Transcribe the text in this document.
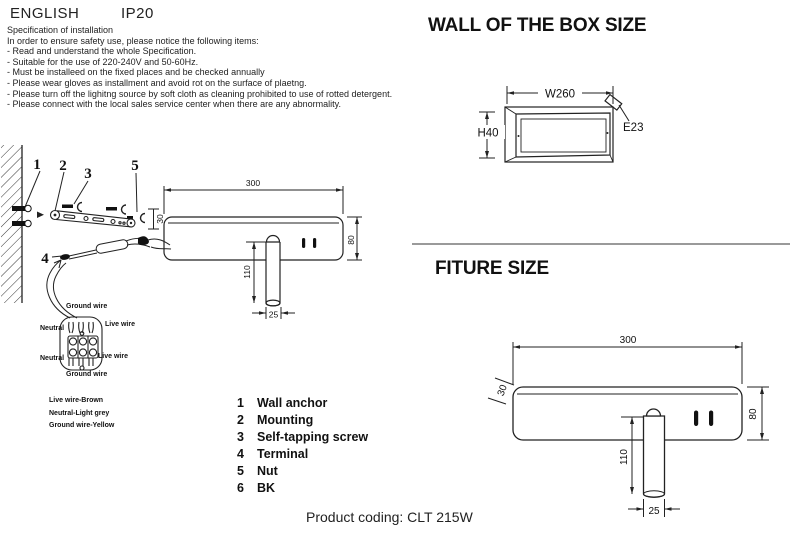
ENGLISH	IP20
Specification of installation
In order to ensure safety use, please notice the following items:
- Read and understand the whole Specification.
- Suitable for the use of 220-240V and 50-60Hz.
- Must be installeed on the fixed places and be checked annually
- Please wear gloves as installment and avoid rot on the surface of plaetng.
- Please turn off the lighitng source by soft cloth as cleaning prohibited to use of rotted detergent.
- Please connect with the local sales service center when there are any abnormality.
WALL OF THE BOX SIZE
FITURE SIZE
Ground wire
Neutral
Live wire
Neutral	Live wire
Ground wire
Live wire-Brown
Neutral-Light grey
Ground wire-Yellow
1	Wall anchor
2	Mounting
3	Self-tapping screw
4	Terminal
5	Nut
6	BK
Product coding: CLT 215W
1 2 3	5
4
30
300
80
110
25
W260
H40	E23
300
30
80
110
25
